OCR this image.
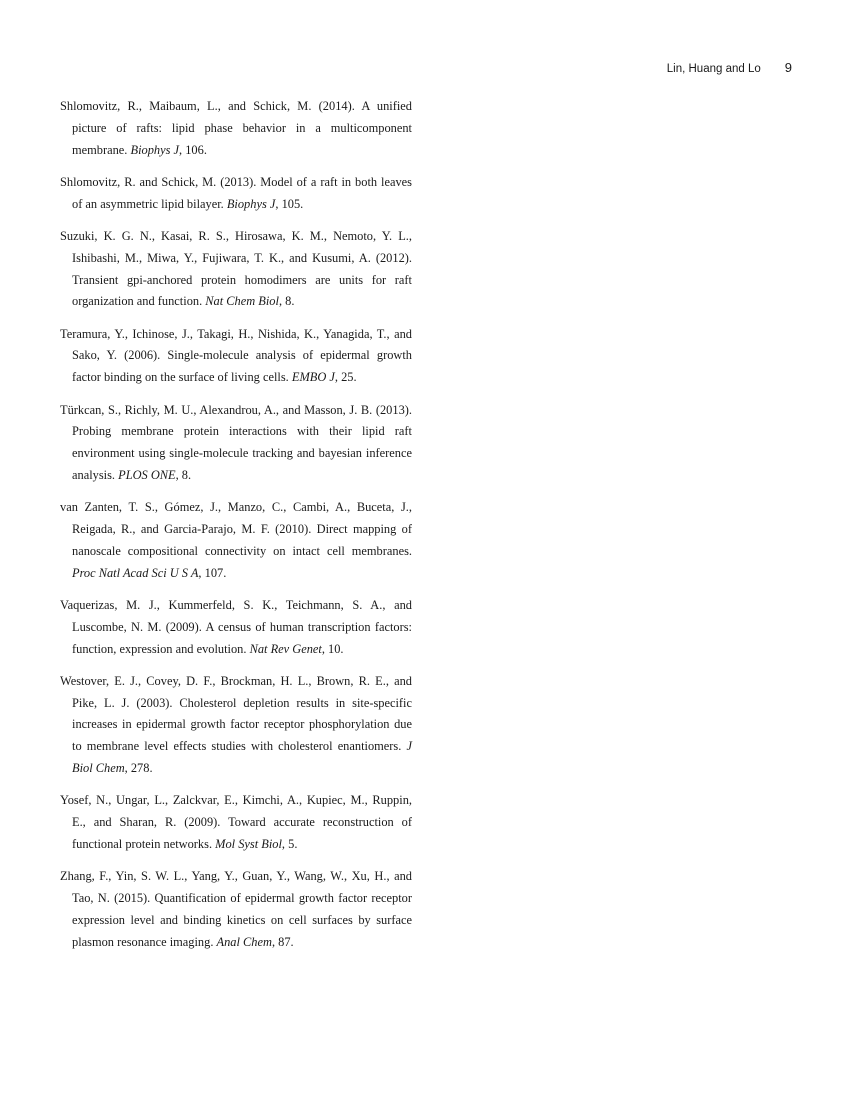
Lin, Huang and Lo 9

Shlomovitz, R., Maibaum, L., and Schick, M. (2014). A unified picture of rafts: lipid phase behavior in a multicomponent membrane. Biophys J, 106.

Shlomovitz, R. and Schick, M. (2013). Model of a raft in both leaves of an asymmetric lipid bilayer. Biophys J, 105.

Suzuki, K. G. N., Kasai, R. S., Hirosawa, K. M., Nemoto, Y. L., Ishibashi, M., Miwa, Y., Fujiwara, T. K., and Kusumi, A. (2012). Transient gpi-anchored protein homodimers are units for raft organization and function. Nat Chem Biol, 8.

Teramura, Y., Ichinose, J., Takagi, H., Nishida, K., Yanagida, T., and Sako, Y. (2006). Single-molecule analysis of epidermal growth factor binding on the surface of living cells. EMBO J, 25.

Türkcan, S., Richly, M. U., Alexandrou, A., and Masson, J. B. (2013). Probing membrane protein interactions with their lipid raft environment using single-molecule tracking and bayesian inference analysis. PLOS ONE, 8.

van Zanten, T. S., Gómez, J., Manzo, C., Cambi, A., Buceta, J., Reigada, R., and Garcia-Parajo, M. F. (2010). Direct mapping of nanoscale compositional connectivity on intact cell membranes. Proc Natl Acad Sci U S A, 107.

Vaquerizas, M. J., Kummerfeld, S. K., Teichmann, S. A., and Luscombe, N. M. (2009). A census of human transcription factors: function, expression and evolution. Nat Rev Genet, 10.

Westover, E. J., Covey, D. F., Brockman, H. L., Brown, R. E., and Pike, L. J. (2003). Cholesterol depletion results in site-specific increases in epidermal growth factor receptor phosphorylation due to membrane level effects studies with cholesterol enantiomers. J Biol Chem, 278.

Yosef, N., Ungar, L., Zalckvar, E., Kimchi, A., Kupiec, M., Ruppin, E., and Sharan, R. (2009). Toward accurate reconstruction of functional protein networks. Mol Syst Biol, 5.

Zhang, F., Yin, S. W. L., Yang, Y., Guan, Y., Wang, W., Xu, H., and Tao, N. (2015). Quantification of epidermal growth factor receptor expression level and binding kinetics on cell surfaces by surface plasmon resonance imaging. Anal Chem, 87.
